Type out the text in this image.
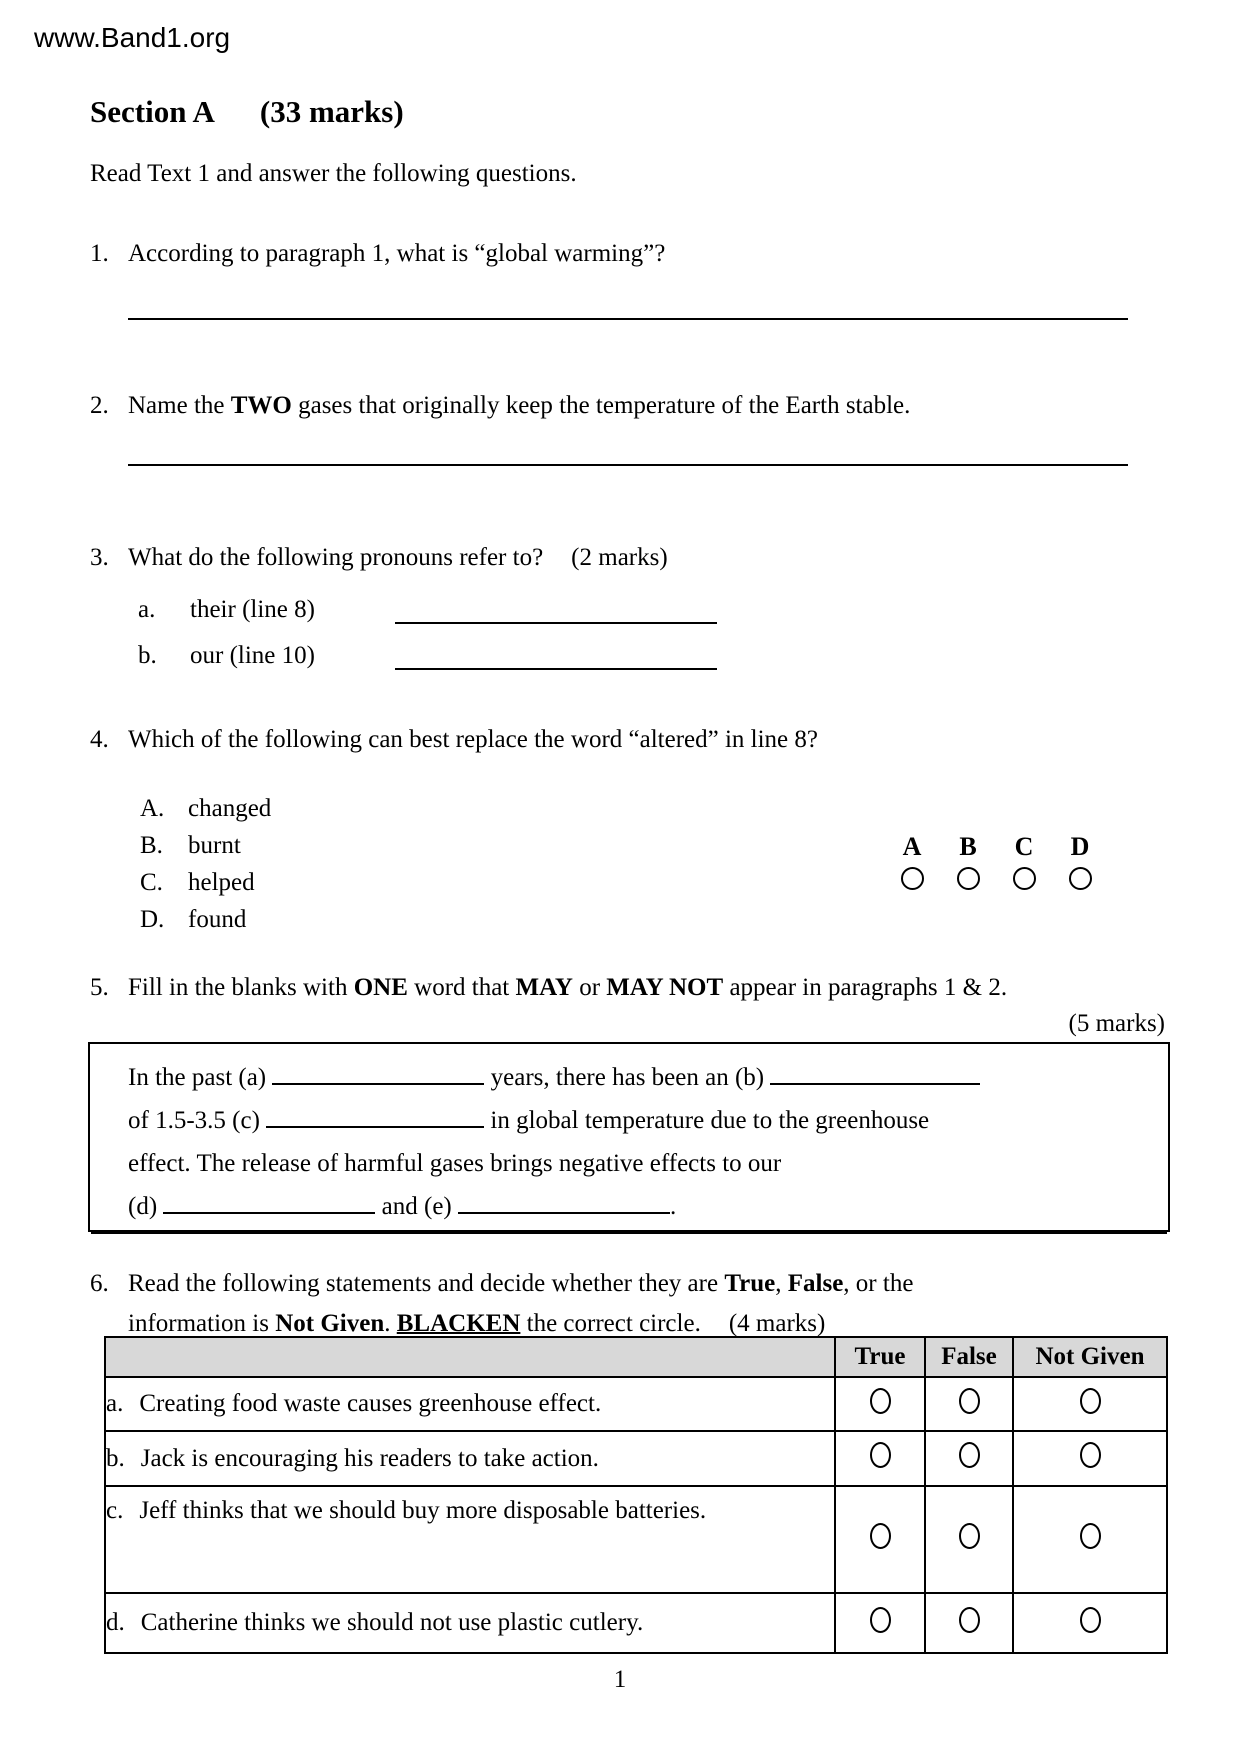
www.Band1.org
Section A (33 marks)
Read Text 1 and answer the following questions.
1. According to paragraph 1, what is “global warming”?
2. Name the TWO gases that originally keep the temperature of the Earth stable.
3. What do the following pronouns refer to? (2 marks)
a.	their (line 8)
b.	our (line 10)
4. Which of the following can best replace the word “altered” in line 8?
A. changed
B. burnt
C. helped
D. found
A B C D
5. Fill in the blanks with ONE word that MAY or MAY NOT appear in paragraphs 1 & 2.
(5 marks)
In the past (a)	years, there has been an (b)
of 1.5-3.5 (c)	in global temperature due to the greenhouse
effect. The release of harmful gases brings negative effects to our
(d)	and (e)	.
6. Read the following statements and decide whether they are True, False, or the
information is Not Given. BLACKEN the correct circle. (4 marks)
	True	False	Not Given
a. Creating food waste causes greenhouse effect.			
b. Jack is encouraging his readers to take action.			
c. Jeff thinks that we should buy more disposable batteries.			
d. Catherine thinks we should not use plastic cutlery.			
1
